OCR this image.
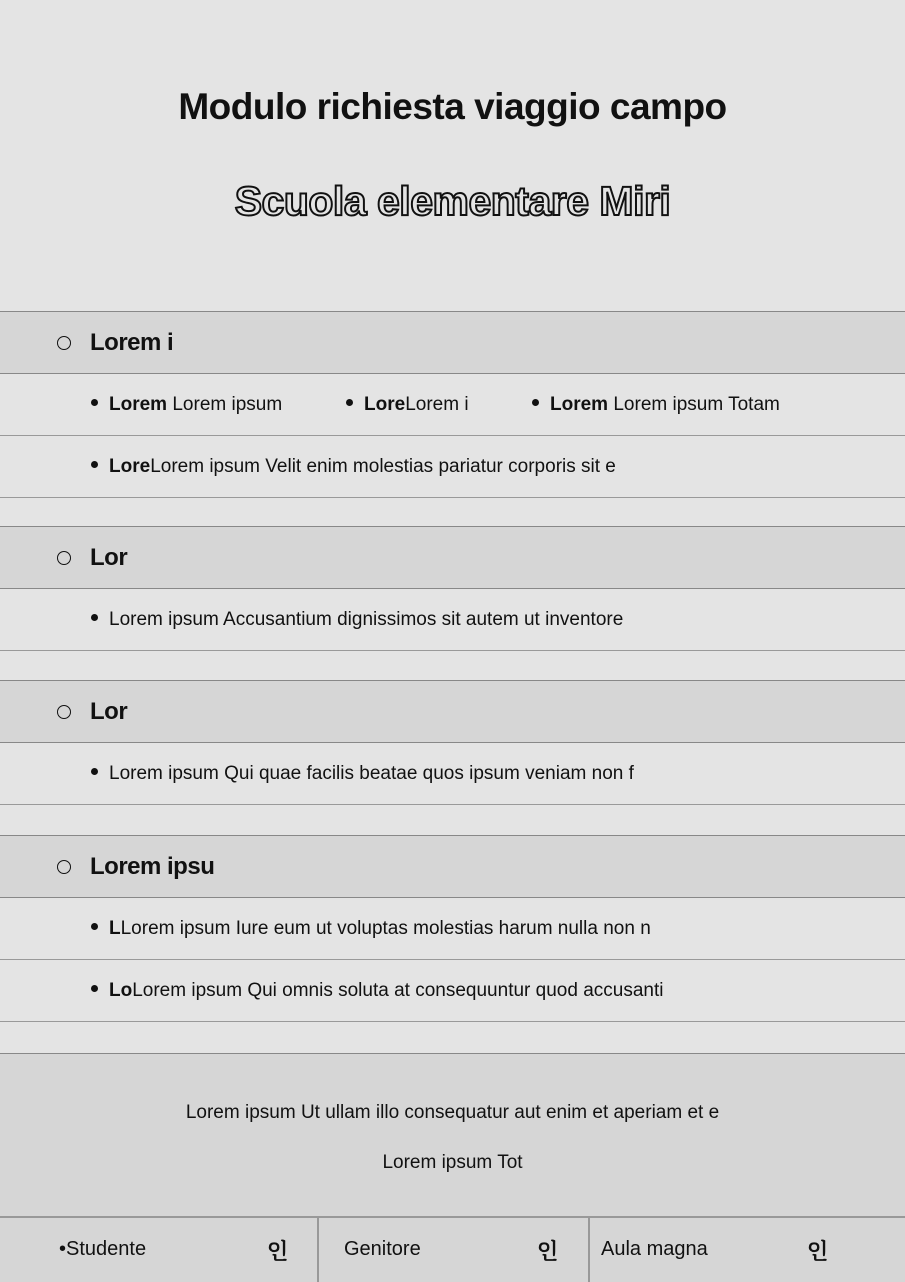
Modulo richiesta viaggio campo
Scuola elementare Miri
Lorem i
Lorem Lorem ipsum	LoreLorem i	Lorem Lorem ipsum Totam
LoreLorem ipsum Velit enim molestias pariatur corporis sit e
Lor
Lorem ipsum Accusantium dignissimos sit autem ut inventore
Lor
Lorem ipsum Qui quae facilis beatae quos ipsum veniam non f
Lorem ipsu
LLorem ipsum Iure eum ut voluptas molestias harum nulla non n
LoLorem ipsum Qui omnis soluta at consequuntur quod accusanti
Lorem ipsum Ut ullam illo consequatur aut enim et aperiam et e
Lorem ipsum Tot
•Studente	인	Genitore	인 Aula magna	인
